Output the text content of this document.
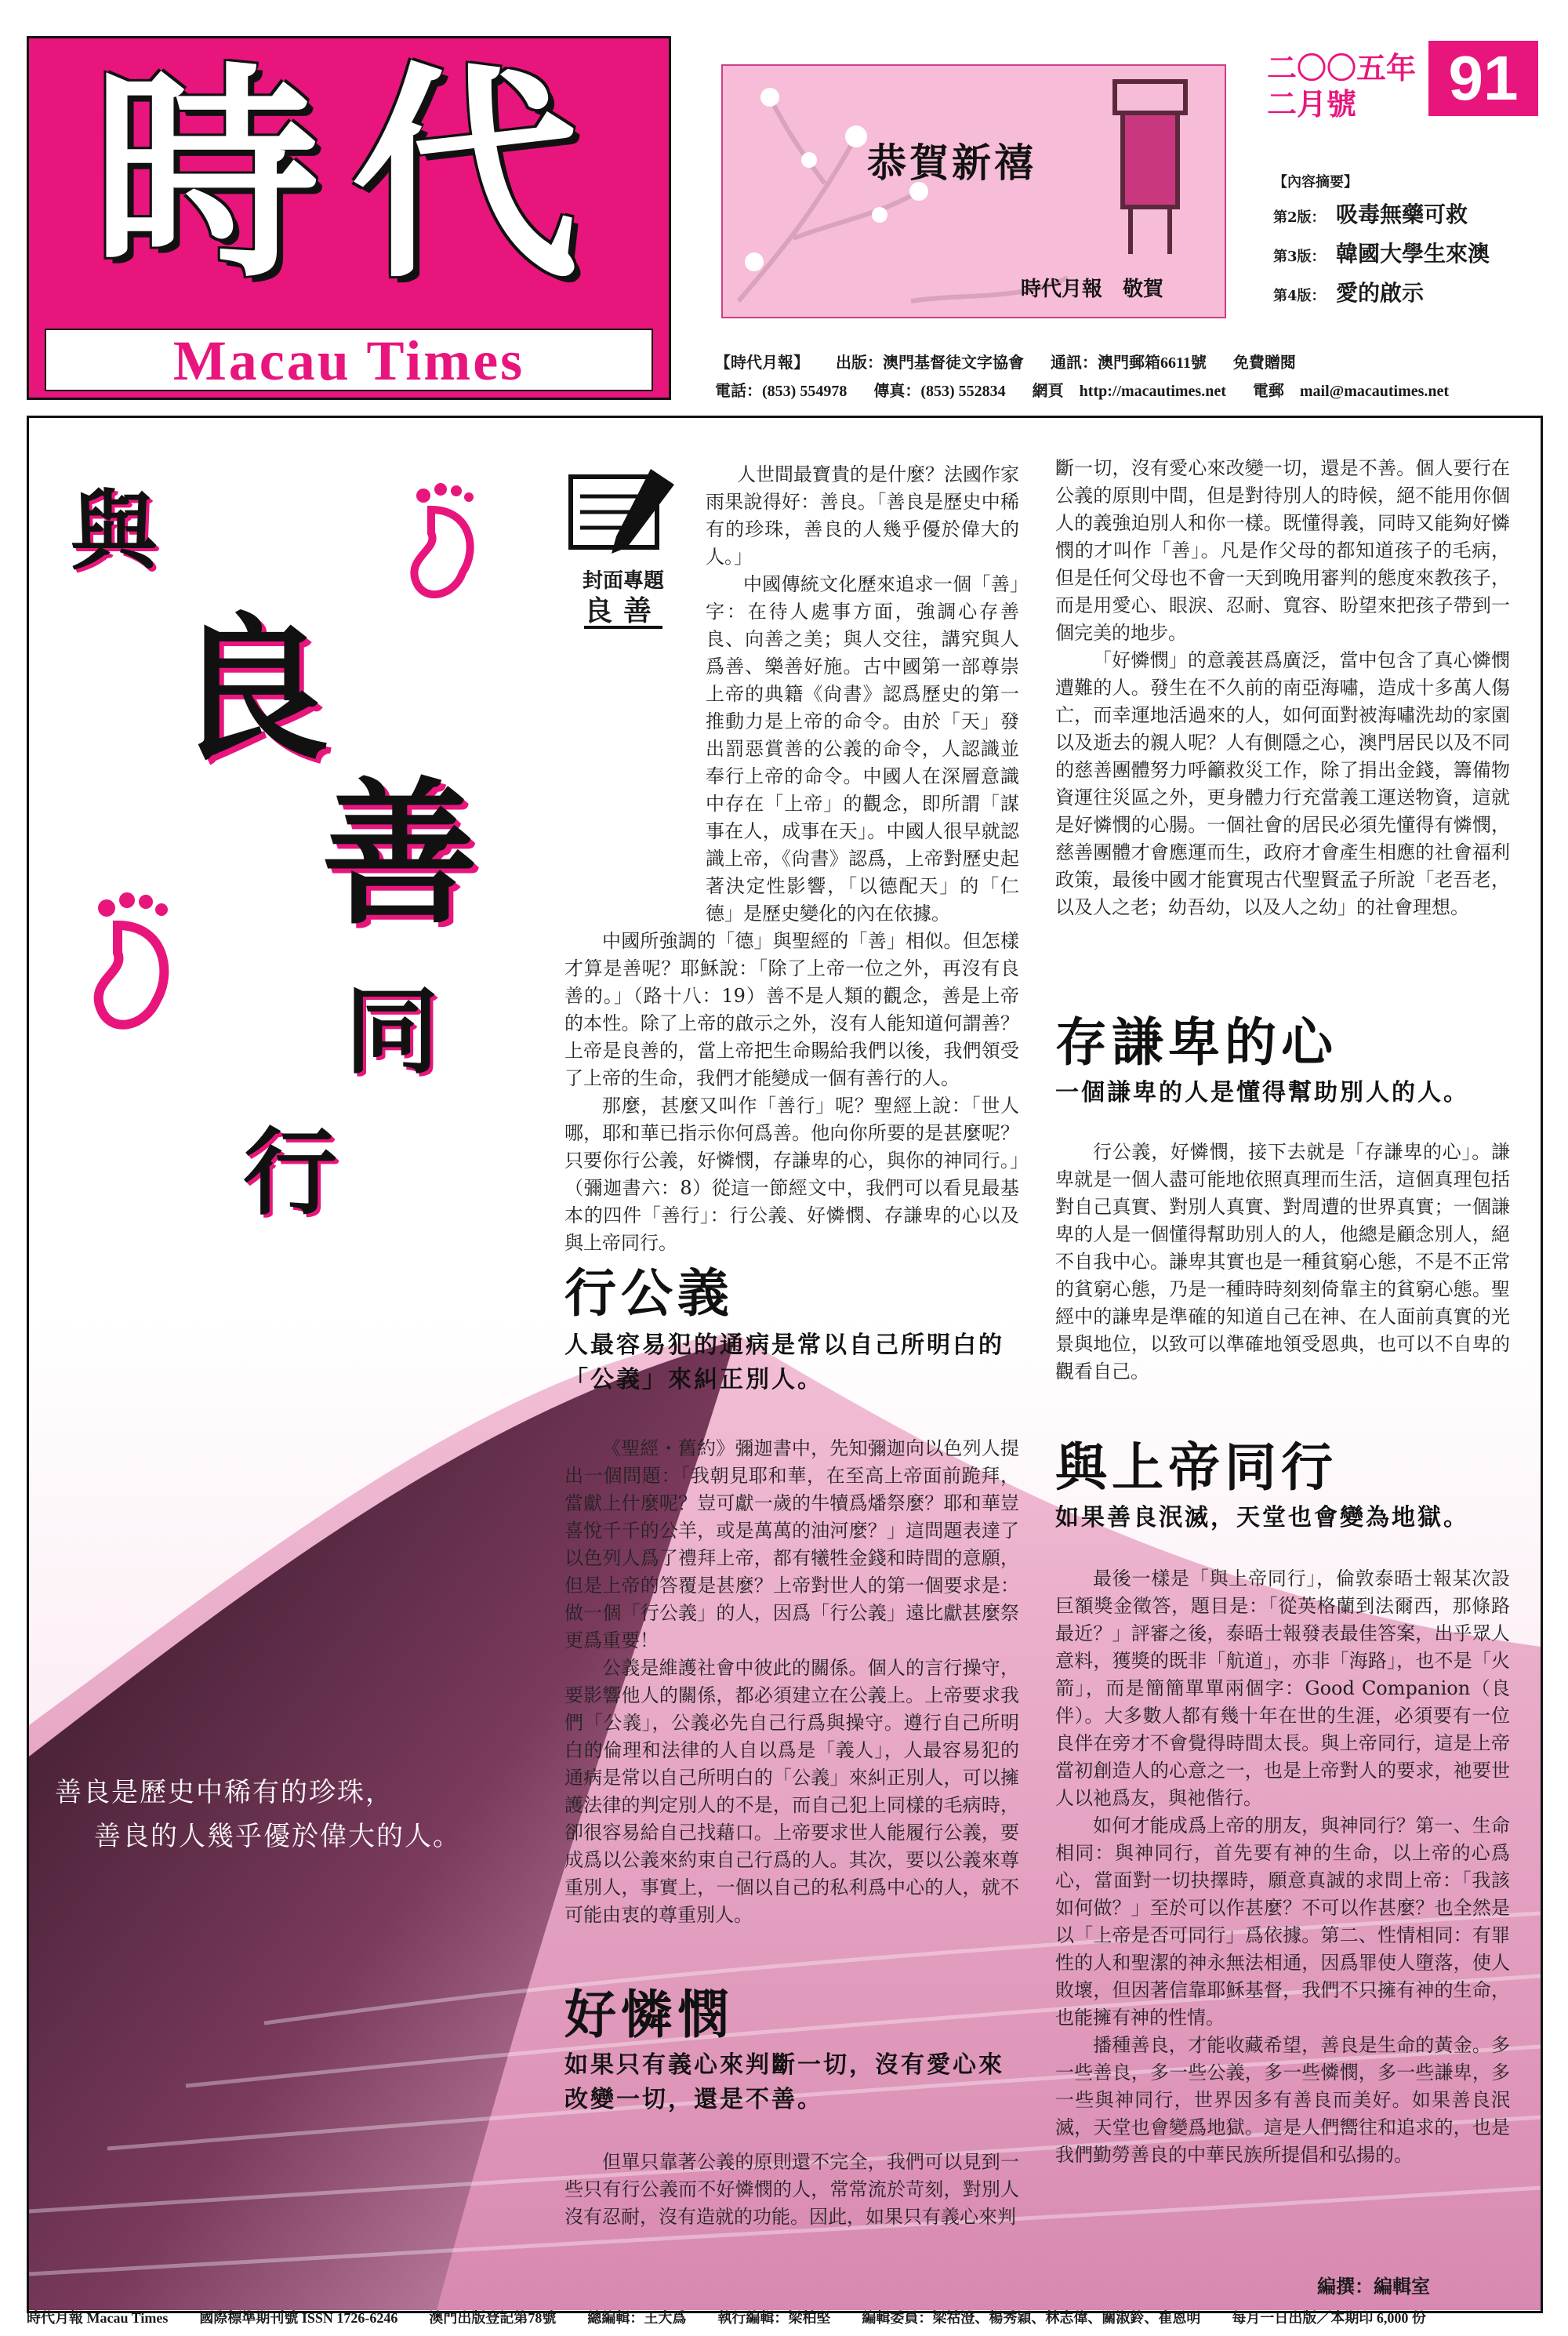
時代
Macau Times
恭賀新禧
時代月報　敬賀
二〇〇五年
二月號	91
【內容摘要】
第2版： 吸毒無藥可救
第3版： 韓國大學生來澳
第4版： 愛的啟示
【時代月報】 出版：澳門基督徒文字協會 通訊：澳門郵箱6611號 免費贈閱
電話：(853) 554978 傳真：(853) 552834 網頁　http://macautimes.net 電郵　mail@macautimes.net
與
良
善
同
行
封面專題
良善

人世間最寶貴的是什麼？法國作家雨果說得好：善良。「善良是歷史中稀有的珍珠，善良的人幾乎優於偉大的人。」

中國傳統文化歷來追求一個「善」字：在待人處事方面，強調心存善良、向善之美；與人交往，講究與人爲善、樂善好施。古中國第一部尊崇上帝的典籍《尙書》認爲歷史的第一推動力是上帝的命令。由於「天」發出罰惡賞善的公義的命令，人認識並奉行上帝的命令。中國人在深層意識中存在「上帝」的觀念，即所謂「謀事在人，成事在天」。中國人很早就認識上帝，《尙書》認爲，上帝對歷史起著決定性影響，「以德配天」的「仁德」是歷史變化的內在依據。

中國所強調的「德」與聖經的「善」相似。但怎樣才算是善呢？耶穌說：「除了上帝一位之外，再沒有良善的。」（路十八：19）善不是人類的觀念，善是上帝的本性。除了上帝的啟示之外，沒有人能知道何謂善？上帝是良善的，當上帝把生命賜給我們以後，我們領受了上帝的生命，我們才能變成一個有善行的人。

那麼，甚麼又叫作「善行」呢？聖經上說：「世人哪，耶和華已指示你何爲善。他向你所要的是甚麼呢？只要你行公義，好憐憫，存謙卑的心，與你的神同行。」（彌迦書六：8）從這一節經文中，我們可以看見最基本的四件「善行」：行公義、好憐憫、存謙卑的心以及與上帝同行。

行公義
人最容易犯的通病是常以自己所明白的「公義」來糾正別人。

《聖經・舊約》彌迦書中，先知彌迦向以色列人提出一個問題：「我朝見耶和華，在至高上帝面前跪拜，當獻上什麼呢？豈可獻一歲的牛犢爲燔祭麼？耶和華豈喜悅千千的公羊，或是萬萬的油河麼？」這問題表達了以色列人爲了禮拜上帝，都有犧牲金錢和時間的意願，但是上帝的答覆是甚麼？上帝對世人的第一個要求是：做一個「行公義」的人，因爲「行公義」遠比獻甚麼祭更爲重要！

公義是維護社會中彼此的關係。個人的言行操守，要影響他人的關係，都必須建立在公義上。上帝要求我們「公義」，公義必先自己行爲與操守。遵行自己所明白的倫理和法律的人自以爲是「義人」，人最容易犯的通病是常以自己所明白的「公義」來糾正別人，可以擁護法律的判定別人的不是，而自己犯上同樣的毛病時，卻很容易給自己找藉口。上帝要求世人能履行公義，要成爲以公義來約束自己行爲的人。其次，要以公義來尊重別人，事實上，一個以自己的私利爲中心的人，就不可能由衷的尊重別人。

好憐憫
如果只有義心來判斷一切，沒有愛心來改變一切，還是不善。

但單只靠著公義的原則還不完全，我們可以見到一些只有行公義而不好憐憫的人，常常流於苛刻，對別人沒有忍耐，沒有造就的功能。因此，如果只有義心來判

斷一切，沒有愛心來改變一切，還是不善。個人要行在公義的原則中間，但是對待別人的時候，絕不能用你個人的義強迫別人和你一樣。既懂得義，同時又能夠好憐憫的才叫作「善」。凡是作父母的都知道孩子的毛病，但是任何父母也不會一天到晚用審判的態度來教孩子，而是用愛心、眼淚、忍耐、寬容、盼望來把孩子帶到一個完美的地步。

「好憐憫」的意義甚爲廣泛，當中包含了真心憐憫遭難的人。發生在不久前的南亞海嘯，造成十多萬人傷亡，而幸運地活過來的人，如何面對被海嘯洗劫的家園以及逝去的親人呢？人有側隱之心，澳門居民以及不同的慈善團體努力呼籲救災工作，除了捐出金錢，籌備物資運往災區之外，更身體力行充當義工運送物資，這就是好憐憫的心腸。一個社會的居民必須先懂得有憐憫，慈善團體才會應運而生，政府才會產生相應的社會福利政策，最後中國才能實現古代聖賢孟子所說「老吾老，以及人之老；幼吾幼，以及人之幼」的社會理想。

存謙卑的心
一個謙卑的人是懂得幫助別人的人。

行公義，好憐憫，接下去就是「存謙卑的心」。謙卑就是一個人盡可能地依照真理而生活，這個真理包括對自己真實、對別人真實、對周遭的世界真實；一個謙卑的人是一個懂得幫助別人的人，他總是顧念別人，絕不自我中心。謙卑其實也是一種貧窮心態，不是不正常的貧窮心態，乃是一種時時刻刻倚靠主的貧窮心態。聖經中的謙卑是準確的知道自己在神、在人面前真實的光景與地位，以致可以準確地領受恩典，也可以不自卑的觀看自己。

與上帝同行
如果善良泯滅，天堂也會變為地獄。

最後一樣是「與上帝同行」，倫敦泰晤士報某次設巨額獎金徵答，題目是：「從英格蘭到法爾西，那條路最近？」評審之後，泰晤士報發表最佳答案，出乎眾人意料，獲獎的既非「航道」，亦非「海路」，也不是「火箭」，而是簡簡單單兩個字：Good Companion（良伴）。大多數人都有幾十年在世的生涯，必須要有一位良伴在旁才不會覺得時間太長。與上帝同行，這是上帝當初創造人的心意之一，也是上帝對人的要求，祂要世人以祂爲友，與祂偕行。

如何才能成爲上帝的朋友，與神同行？第一、生命相同：與神同行，首先要有神的生命，以上帝的心爲心，當面對一切抉擇時，願意真誠的求問上帝：「我該如何做？」至於可以作甚麼？不可以作甚麼？也全然是以「上帝是否可同行」爲依據。第二、性情相同：有罪性的人和聖潔的神永無法相通，因爲罪使人墮落，使人敗壞，但因著信靠耶穌基督，我們不只擁有神的生命，也能擁有神的性情。

播種善良，才能收藏希望，善良是生命的黃金。多一些善良，多一些公義，多一些憐憫，多一些謙卑，多一些與神同行，世界因多有善良而美好。如果善良泯滅，天堂也會變爲地獄。這是人們嚮往和追求的，也是我們勤勞善良的中華民族所提倡和弘揚的。

編撰：編輯室
善良是歷史中稀有的珍珠，
善良的人幾乎優於偉大的人。
時代月報 Macau Times 國際標準期刊號 ISSN 1726-6246 澳門出版登記第78號 總編輯：王大爲 執行編輯：梁柏堅 編輯委員：梁祜澄、楊秀穎、林志偉、關淑鈴、崔恩明 每月一日出版／本期印 6,000 份
